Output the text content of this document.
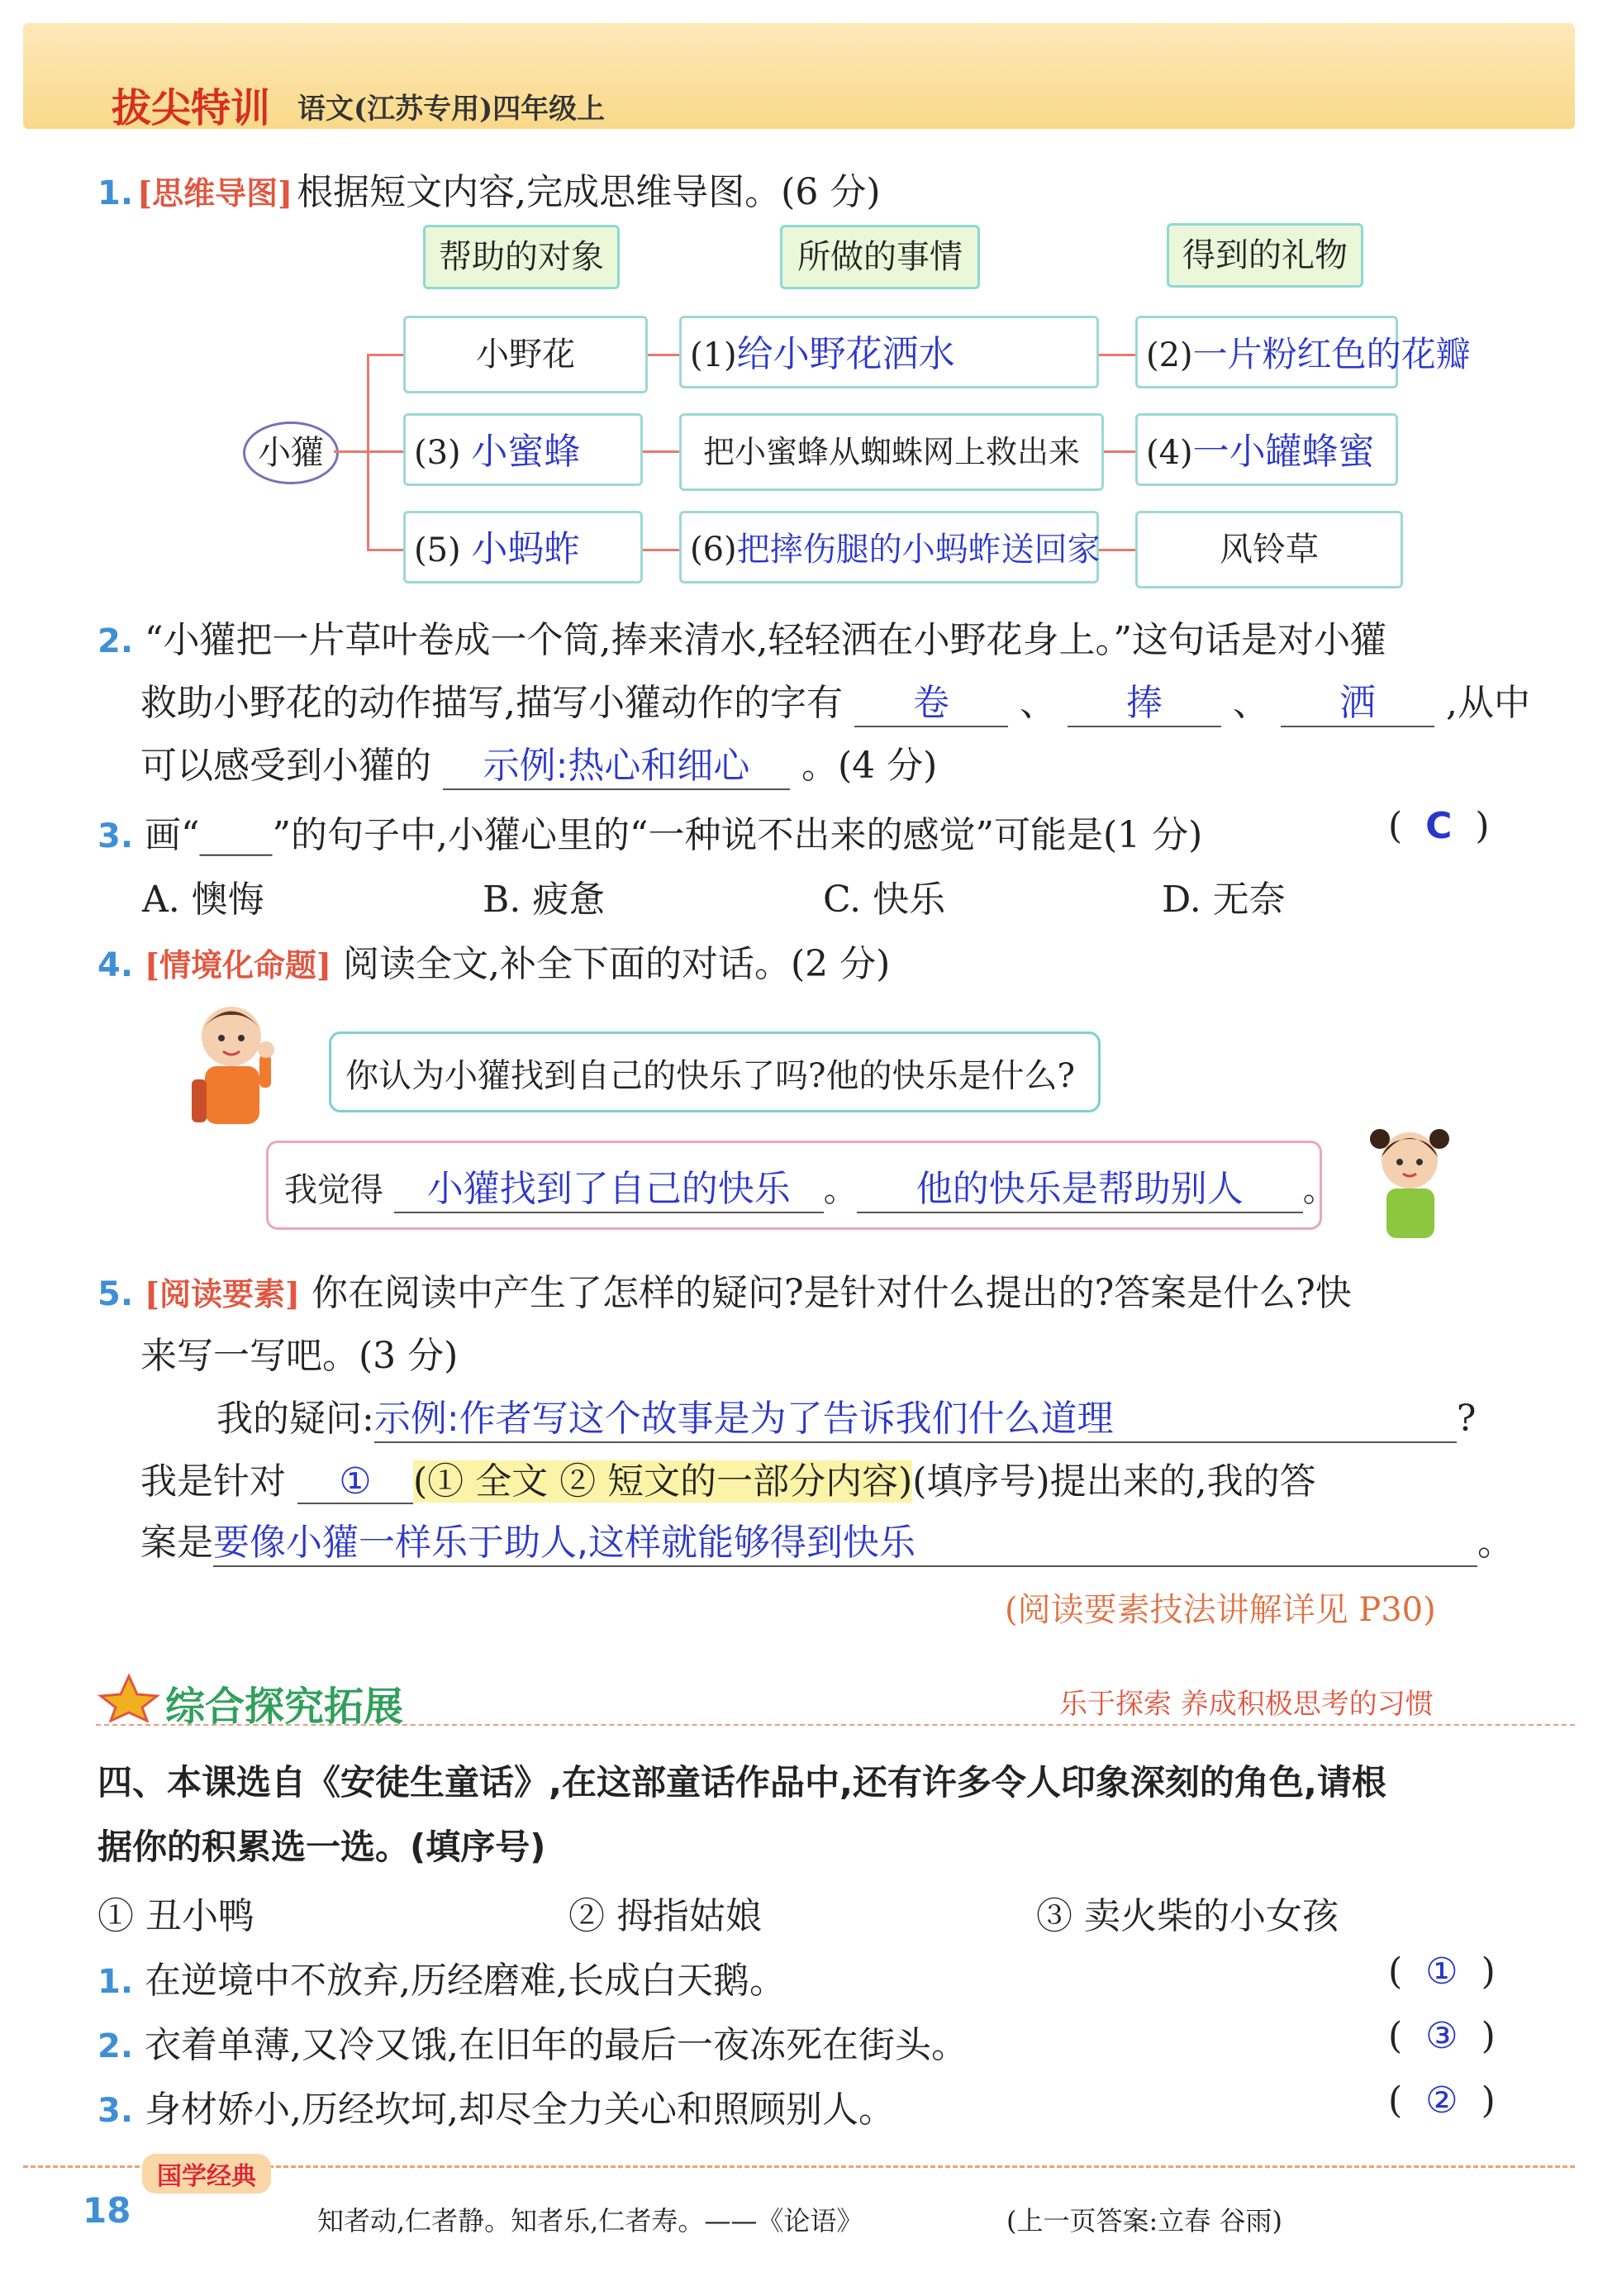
拔尖特训 语文(江苏专用)四年级上
1. [思维导图] 根据短文内容,完成思维导图。(6 分)
帮助的对象	所做的事情	得到的礼物
小獾
小野花	(1)给小野花洒水	(2)一片粉红色的花瓣
(3) 小蜜蜂	把小蜜蜂从蜘蛛网上救出来	(4)一小罐蜂蜜
(5) 小蚂蚱	(6)把摔伤腿的小蚂蚱送回家	风铃草
2. “小獾把一片草叶卷成一个筒,捧来清水,轻轻洒在小野花身上。”这句话是对小獾
救助小野花的动作描写,描写小獾动作的字有 卷 、 捧 、 洒 ,从中
可以感受到小獾的 示例:热心和细心 。(4 分)
3. 画“____”的句子中,小獾心里的“一种说不出来的感觉”可能是(1 分)	(  C  )
A. 懊悔	B. 疲惫	C. 快乐	D. 无奈
4. [情境化命题] 阅读全文,补全下面的对话。(2 分)
你认为小獾找到自己的快乐了吗?他的快乐是什么?
我觉得 小獾找到了自己的快乐 。 他的快乐是帮助别人 。
5. [阅读要素] 你在阅读中产生了怎样的疑问?是针对什么提出的?答案是什么?快
来写一写吧。(3 分)
我的疑问:示例:作者写这个故事是为了告诉我们什么道理	?
我是针对 ① (① 全文 ② 短文的一部分内容)(填序号)提出来的,我的答
案是要像小獾一样乐于助人,这样就能够得到快乐	。
(阅读要素技法讲解详见 P30)
综合探究拓展	乐于探索 养成积极思考的习惯
四、本课选自《安徒生童话》,在这部童话作品中,还有许多令人印象深刻的角色,请根
据你的积累选一选。(填序号)
① 丑小鸭	② 拇指姑娘	③ 卖火柴的小女孩
1. 在逆境中不放弃,历经磨难,长成白天鹅。	(  ①  )
2. 衣着单薄,又冷又饿,在旧年的最后一夜冻死在街头。	(  ③  )
3. 身材娇小,历经坎坷,却尽全力关心和照顾别人。	(  ②  )
国学经典
18	知者动,仁者静。知者乐,仁者寿。——《论语》	(上一页答案:立春 谷雨)
